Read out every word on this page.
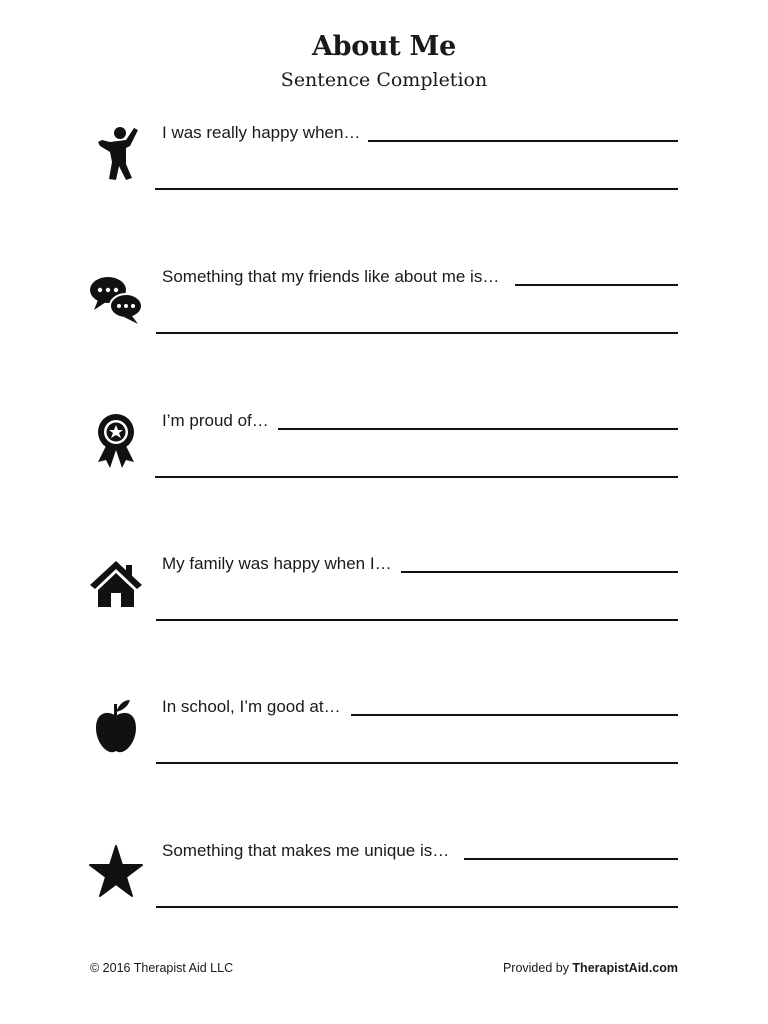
About Me
Sentence Completion
I was really happy when…
Something that my friends like about me is…
I’m proud of…
My family was happy when I…
In school, I’m good at…
Something that makes me unique is…
© 2016 Therapist Aid LLC	Provided by TherapistAid.com
